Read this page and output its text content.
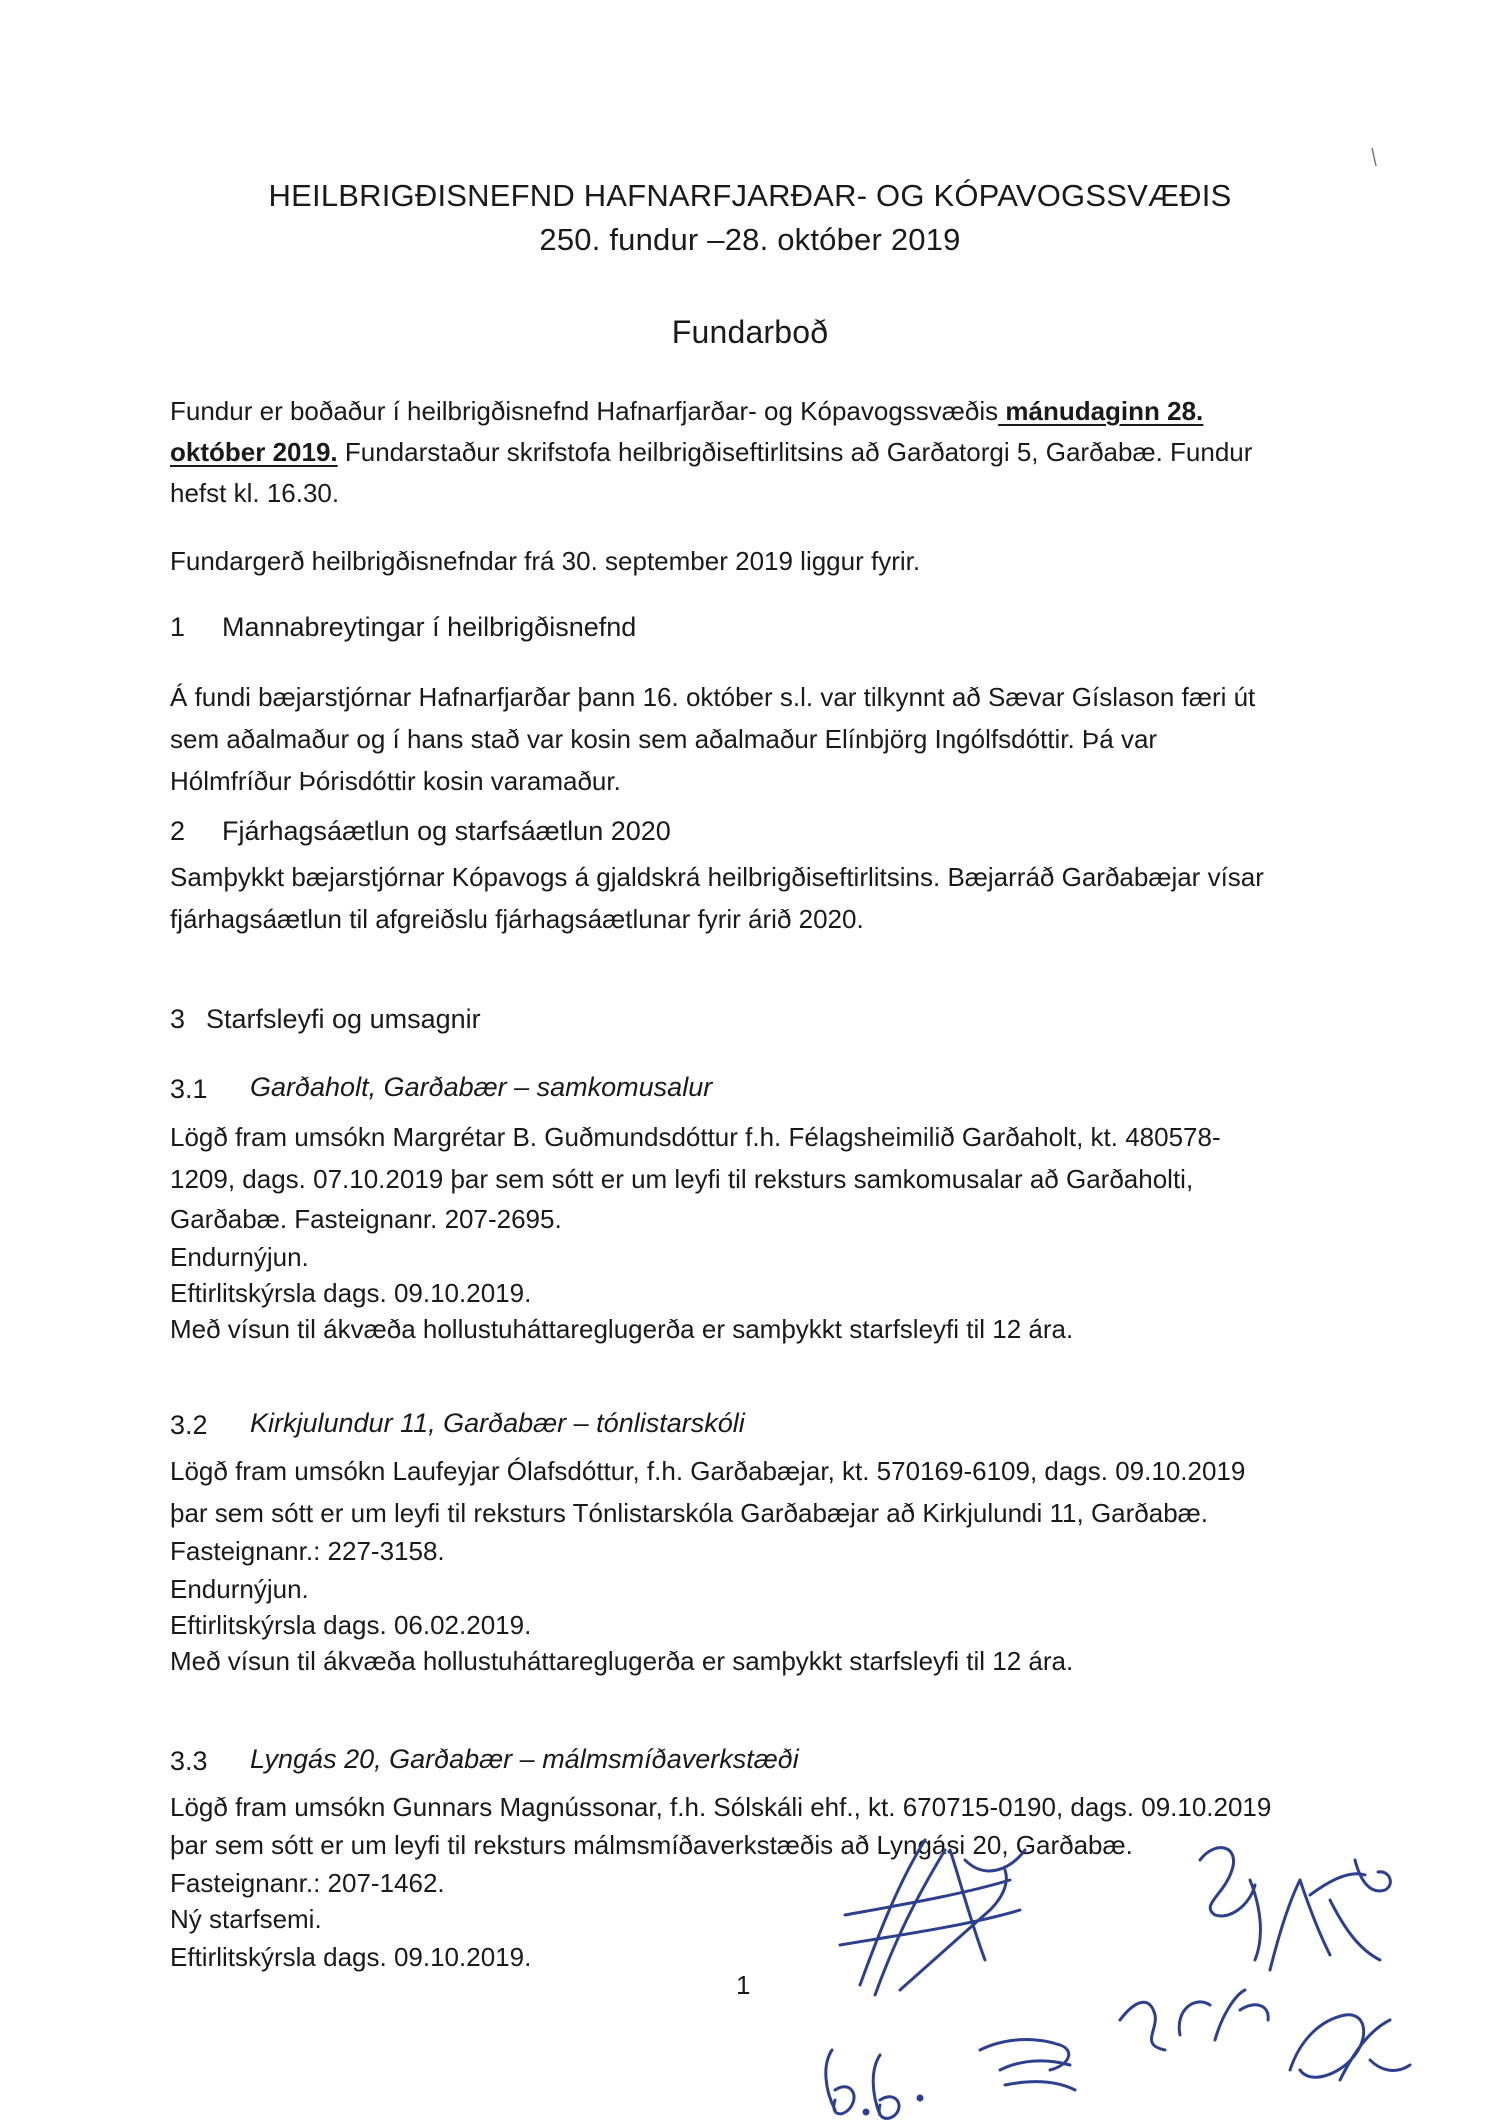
HEILBRIGÐISNEFND HAFNARFJARÐAR- OG KÓPAVOGSSVÆÐIS
250. fundur –28. október 2019
Fundarboð
Fundur er boðaður í heilbrigðisnefnd Hafnarfjarðar- og Kópavogssvæðis mánudaginn 28.
október 2019. Fundarstaður skrifstofa heilbrigðiseftirlitsins að Garðatorgi 5, Garðabæ. Fundur
hefst kl. 16.30.
Fundargerð heilbrigðisnefndar frá 30. september 2019 liggur fyrir.
1 Mannabreytingar í heilbrigðisnefnd
Á fundi bæjarstjórnar Hafnarfjarðar þann 16. október s.l. var tilkynnt að Sævar Gíslason færi út
sem aðalmaður og í hans stað var kosin sem aðalmaður Elínbjörg Ingólfsdóttir. Þá var
Hólmfríður Þórisdóttir kosin varamaður.
2 Fjárhagsáætlun og starfsáætlun 2020
Samþykkt bæjarstjórnar Kópavogs á gjaldskrá heilbrigðiseftirlitsins. Bæjarráð Garðabæjar vísar
fjárhagsáætlun til afgreiðslu fjárhagsáætlunar fyrir árið 2020.
3 Starfsleyfi og umsagnir
3.1 Garðaholt, Garðabær – samkomusalur
Lögð fram umsókn Margrétar B. Guðmundsdóttur f.h. Félagsheimilið Garðaholt, kt. 480578-
1209, dags. 07.10.2019 þar sem sótt er um leyfi til reksturs samkomusalar að Garðaholti,
Garðabæ. Fasteignanr. 207-2695.
Endurnýjun.
Eftirlitskýrsla dags. 09.10.2019.
Með vísun til ákvæða hollustuháttareglugerða er samþykkt starfsleyfi til 12 ára.
3.2 Kirkjulundur 11, Garðabær – tónlistarskóli
Lögð fram umsókn Laufeyjar Ólafsdóttur, f.h. Garðabæjar, kt. 570169-6109, dags. 09.10.2019
þar sem sótt er um leyfi til reksturs Tónlistarskóla Garðabæjar að Kirkjulundi 11, Garðabæ.
Fasteignanr.: 227-3158.
Endurnýjun.
Eftirlitskýrsla dags. 06.02.2019.
Með vísun til ákvæða hollustuháttareglugerða er samþykkt starfsleyfi til 12 ára.
3.3 Lyngás 20, Garðabær – málmsmíðaverkstæði
Lögð fram umsókn Gunnars Magnússonar, f.h. Sólskáli ehf., kt. 670715-0190, dags. 09.10.2019
þar sem sótt er um leyfi til reksturs málmsmíðaverkstæðis að Lyngási 20, Garðabæ.
Fasteignanr.: 207-1462.
Ný starfsemi.
Eftirlitskýrsla dags. 09.10.2019.
1
